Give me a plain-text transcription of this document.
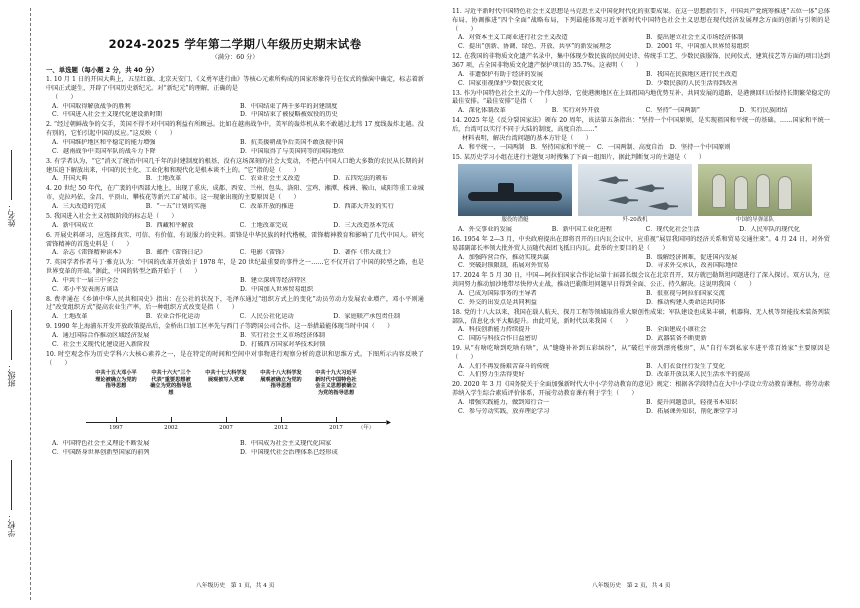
姓名：
班级：
学校：
2024-2025 学年第二学期八年级历史期末试卷
（满分：60 分）
一、单选题（每小题 2 分，共 40 分）
1. 10 月 1 日的开国大典上，五星红旗、北京天安门、《义勇军进行曲》等核心元素所构成的国家形象符号在仪式的操演中确定，标志着新中国正式诞生，开辟了中国历史新纪元。对“新纪元”的理解，正确的是
（　　）
A．中国取得解放战争的胜利	B．中国结束了两千多年的封建制度
C．中国进入社会主义现代化建设新时期	D．中国结束了被侵略被奴役的历史
2. “经过朝鲜战争的交手，美国不得不对中国的利益有所顾忌。比如在越南战争中，美军的轰炸机从来不敢越过北纬 17 度线轰炸北越。没有别的，它怕引起中国的反应。”这反映（　　）
A．中国维护地区和平稳定的能力增强	B．抗美援朝战争后美国不敢放视中国
C．越南战争中美国军队的战斗力下降	D．中国取得了与美国同等的国际地位
3. 有学者认为，“它”消灭了统治中国几千年的封建制度的根基，没有这场深刻的社会大变动，不把占中国人口绝大多数的农民从长期的封建压迫下解放出来，中国的民主化、工业化和和现代化是根本谈不上的。“它”指的是（　　）
A．开国大典	B．土地改革	C．农业社会主义改造	D．五四宪法的颁布
4. 20 世纪 50 年代，在广袤的中西部大地上，出现了重庆、成都、西安、兰州、包头、洛阳、宝鸡、湘潭、株洲、鞍山、咸阳等重工业城市，克拉玛依、金昌、平顶山、攀枝花等新兴工矿城市。这一现象出现的主要原因是（　　）
A．三大改造的完成	B．“一五”计划的实施	C．改革开放的推进	D．西部大开发的实行
5. 我国进入社会主义初级阶段的标志是（　　）
A．新中国成立	B．西藏和平解放	C．土地改革完成	D．三大改造基本完成
6. 开展史料研习，应选择真实、可信、有价值、有说服力的史料。雷锋是中华民族的时代楷模，雷锋精神教育和影响了几代中国人。研究雷锋精神的首选史料是（　　）
A．杂志《雷锋精神读本》	B．邮件《雷锋日记》	C．电影《雷锋》	D．著作《伟大战士》
7. 英国学者作者马丁·雅克认为：“中国的改革开放始于 1978 年，是 20 世纪最重要的事件之一……它不仅开启了中国的转型之路，也是世界变革的开端。”据此，中国的转型之路开始于（　　）
A．中共十一届三中全会	B．建立深圳等经济特区
C．邓小平发表南方谈话	D．中国加入世界贸易组织
8. 费孝通在《乡镇中华人民共和国史》指出：在公社的状况下，毛泽东通过“组织方式上的变化”动员劳动力发展农业增产，邓小平则通过“改变组织方式”提高农业生产率，后一种组织方式改变是指（　　）
A．土地改革	B．农业合作化运动	C．人民公社化运动	D．家庭联产承包责任制
9. 1990 年上海浦东开发开放政策提出后，金桥出口加工区率先与西门子等跨国公司合作。这一举措最能体现当时中国（　　）
A．通过国际合作推动区域经济发展	B．实行社会主义市场经济体制
C．社会主义现代化建设进入新阶段	D．打破西方国家对华技术封锁
10. 时空观念作为历史学科六大核心素养之一，是在特定的时间和空间中对事物进行观察分析的意识和思维方式。下图所示内容反映了（　　）
中共十五大邓小平理论被确立为党的指导思想
中共十六大“三个代表”重要思想被确立为党的指导思想
中共十七大科学发展观被写入党章
中共十八大科学发展观被确立为党的指导思想
中共十九大习近平新时代中国特色社会主义思想被确立为党的指导思想
▶
1997	2002	2007	2012	2017	（年）
A．中国特色社会主义理论不断发展	B．中国成为社会主义现代化国家
C．中国跻身世界创新型国家的前列	D．中国现代社会治理体系已经形成
八年级历史　第 1 页，共 4 页
11. 习近平新时代中国特色社会主义思想是马克思主义中国化时代化的重要成果。在这一思想指引下，中国共产党统筹推进“五位一体”总体布局、协调推进“四个全面”战略布局，下列最能体现习近平新时代中国特色社会主义思想在现代经济发展理念方面的创新与引领的是（　　）
A．对资本主义工商业进行社会主义改造	B．提出建立社会主义市场经济体制
C．提出“创新、协调、绿色、开放、共享”的新发展理念	D．2001 年，中国加入世界贸易组织
12. 在我国的非物质文化遗产名录中，集中体现少数民族的民间史诗、传统手工艺、少数民族服饰、民间仪式、建筑技艺等方面的项目达到 367 项，占全国非物质文化遗产保护项目的 35.7%。这表明（　　）
A．非遗保护有助于经济的发展	B．我国在民族地区进行民主改造
C．国家重视保护少数民族文化	D．少数民族的人民生活得到改善
13. 作为中国特色社会主义的一个伟大创举，它使港澳地区在上回祖国内地优势互补、共同发展的道路，是港澳回归后保持长期繁荣稳定的最佳安排。“最佳安排”是指（　　）
A．深化体制改革	B．实行对外开放	C．坚持“一国两制”	D．实行民族团结
14. 2025 年是《反分裂国家法》颁布 20 周年，该法第五条指出：“坚持一个中国原则，是实现祖国和平统一的基础。……国家和平统一后，台湾可以实行不同于大陆的制度，高度自治……”
材料表明，解决台湾问题的基本方针是（　　）
A．和平统一、一国两制　B．坚持国家和平统一　C．一国两制、高度自治　D．坚持一个中国原则
15. 某历史学习小组在进行主题复习时搜集了下面一组图片，据此判断复习的主题是（　　）
服役的潜艇	歼-20战机	中国的导弹部队
A．外交事业的发展	B．新中国工业化进程	C．现代化社会生活	D．人民军队的现代化
16. 1954 年 2—3 月，中央政府提出在即将召开的日内瓦会议中，应重视“展显我国同的经济关系和贸易交通往来”。4 月 24 日，对外贸易部副部长率领大批外贸人员随代表团飞抵日内瓦。此举的主要目的是（　　）
A．加强阵营合作，推动实现共赢	B．缓解经济困难，促进国内发展
C．突破封锁限制，拓展对外贸易	D．寻求外交承认，改善国际地位
17. 2024 年 5 月 30 日，中国—阿拉伯国家合作论坛第十届部长级会议在北京召开，双方就巴勒斯坦问题进行了深入探讨。双方认为，应共同努力推动加沙地带尽快停火止战，推动巴勒斯坦问题早日得到全面、公正、持久解决。这说明我国（　　）
A．已成为国际事务的主导者	B．很重视与阿拉伯国家交流
C．外交的出发点是共同利益	D．推动构建人类命运共同体
18. 党的十八大以来，我国在载人航天、探月工程等领域取得重大原创性成果；军队建设也成果丰硕，机器狗、无人机等智能技术装备列装部队，信息化水平大幅提升。由此可见，新时代以来我国（　　）
A．科技创新能力持续提升	B．全面建成小康社会
C．国防与科技合作日益密切	D．武器装备不断更新
19. 从“有啥吃啥到吃啥有啥”，从“缝缝补补到五彩缤纷”，从“破烂平房到漂亮楼房”，从“自行车到私家车进平常百姓家”主要原因是（　　）
A．人们不再发扬艰苦奋斗的传统	B．人们衣食住行发生了变化
C．人们努力生活得更好	D．改革开放以来人民生活水平的提高
20. 2020 年 3 月《国务院关于全面加强新时代大中小学劳动教育的意见》规定：根据各学段特点在大中小学设立劳动教育课程。将劳动素养纳入学生综合素质评价体系，开展劳动教育课有利于学生（　　）
A．增强实践能力，做到知行合一	B．提升问题意识，轻视书本知识
C．参与劳动实践，放弃理论学习	D．拓展课外知识，削化课堂学习
八年级历史　第 2 页，共 4 页
